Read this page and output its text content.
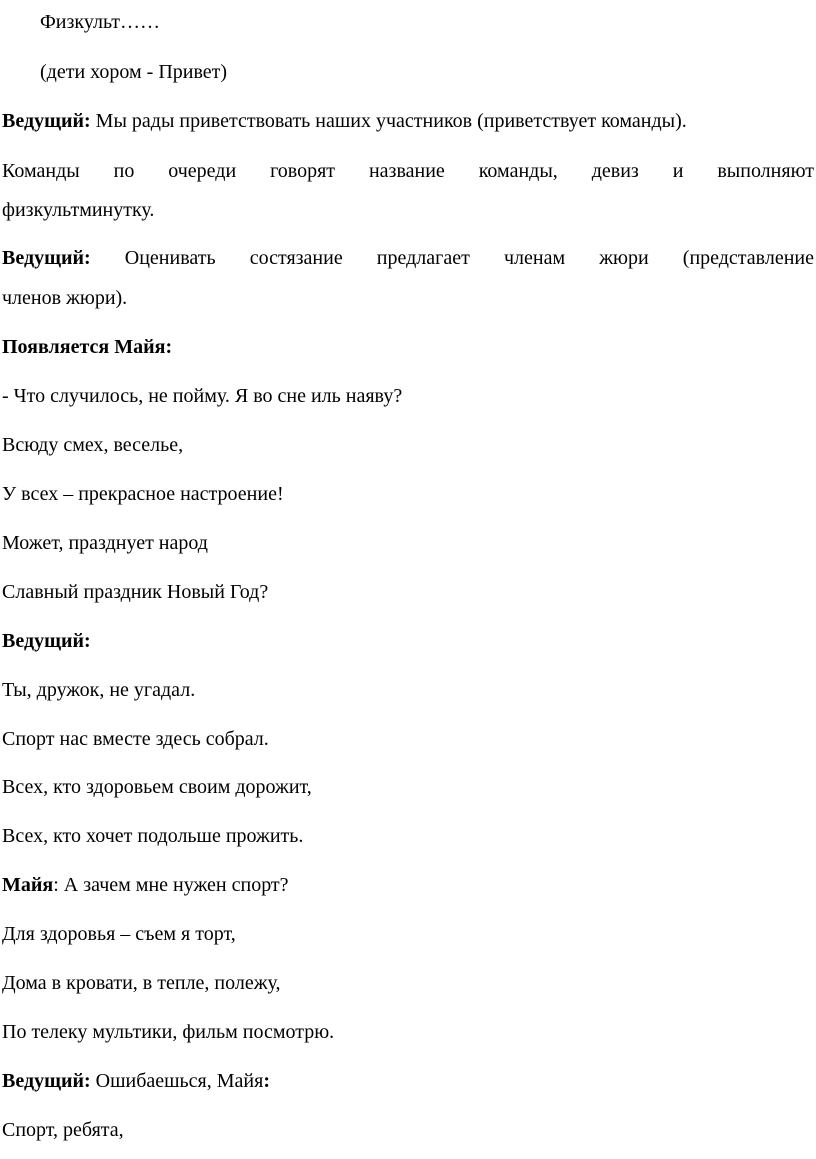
Физкульт……
(дети хором - Привет)
Ведущий: Мы рады приветствовать наших участников (приветствует команды).
Команды по очереди говорят название команды, девиз и выполняют
физкультминутку.
Ведущий: Оценивать состязание предлагает членам жюри (представление
членов жюри).
Появляется Майя:
- Что случилось, не пойму. Я во сне иль наяву?
Всюду смех, веселье,
У всех – прекрасное настроение!
Может, празднует народ
Славный праздник Новый Год?
Ведущий:
Ты, дружок, не угадал.
Спорт нас вместе здесь собрал.
Всех, кто здоровьем своим дорожит,
Всех, кто хочет подольше прожить.
Майя: А зачем мне нужен спорт?
Для здоровья – съем я торт,
Дома в кровати, в тепле, полежу,
По телеку мультики, фильм посмотрю.
Ведущий: Ошибаешься, Майя:
Спорт, ребята,
